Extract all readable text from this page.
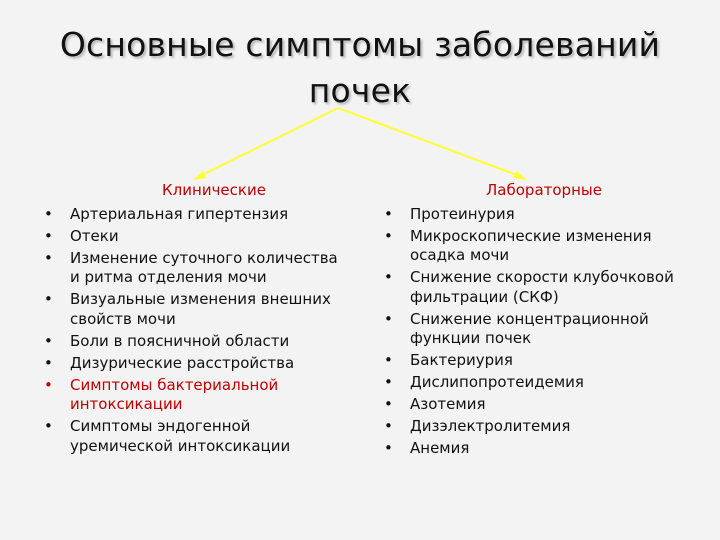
Основные симптомы заболеваний
почек
Клинические
• Артериальная гипертензия
• Отеки
• Изменение суточного количества и ритма отделения мочи
• Визуальные изменения внешних свойств мочи
• Боли в поясничной области
• Дизурические расстройства
• Симптомы бактериальной интоксикации
• Симптомы эндогенной уремической интоксикации
Лабораторные
• Протеинурия
• Микроскопические изменения осадка мочи
• Снижение скорости клубочковой фильтрации (СКФ)
• Снижение концентрационной функции почек
• Бактериурия
• Дислипопротеидемия
• Азотемия
• Дизэлектролитемия
• Анемия
